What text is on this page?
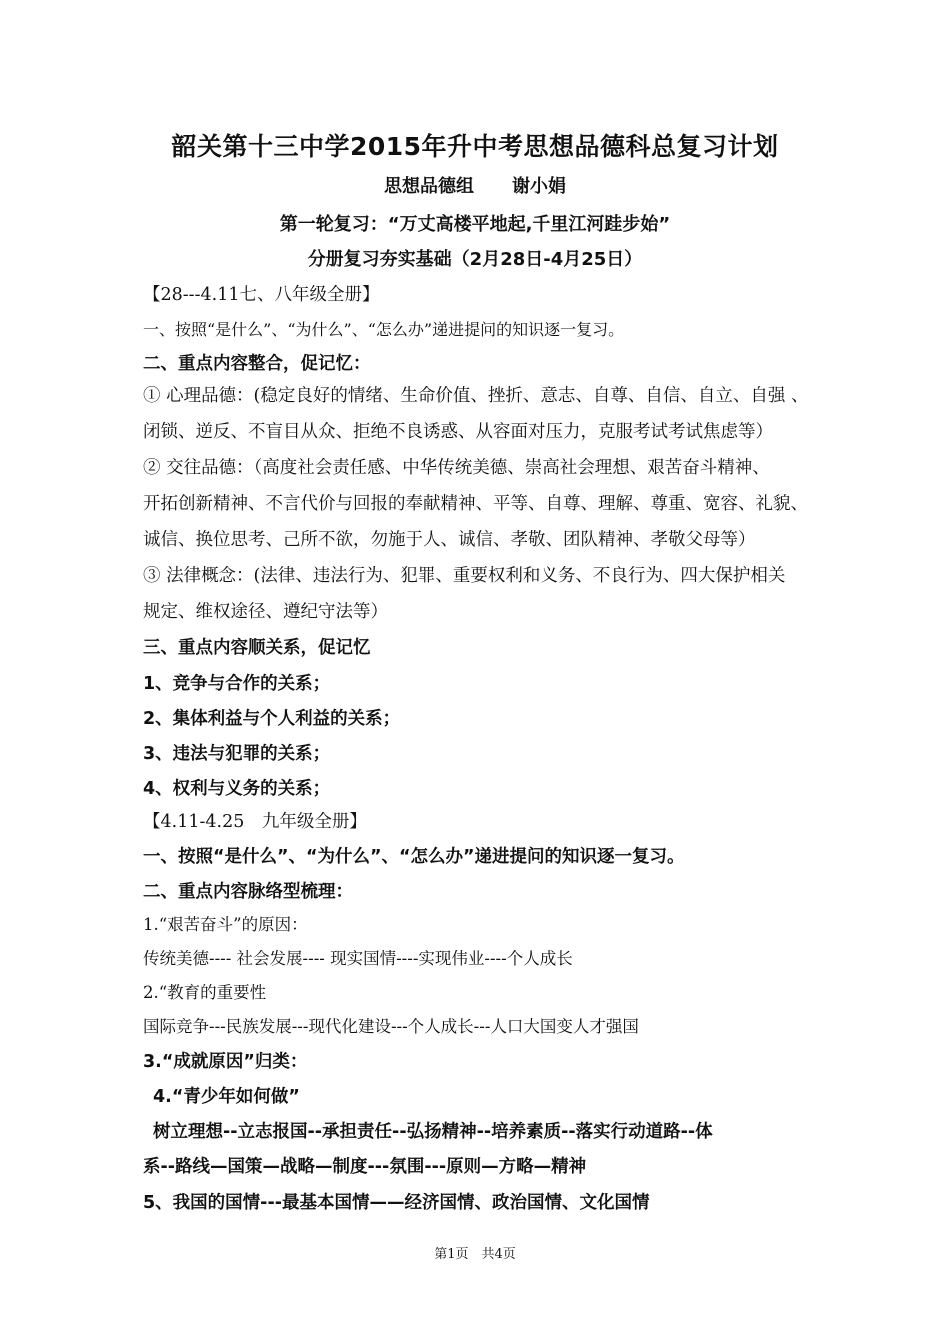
韶关第十三中学2015年升中考思想品德科总复习计划
思想品德组 谢小娟
第一轮复习：“万丈高楼平地起,千里江河跬步始”
分册复习夯实基础（2月28日-4月25日）
【28---4.11七、八年级全册】
一、按照“是什么”、“为什么”、“怎么办”递进提问的知识逐一复习。
二、重点内容整合，促记忆：
① 心理品德：(稳定良好的情绪、生命价值、挫折、意志、自尊、自信、自立、自强 、
闭锁、逆反、不盲目从众、拒绝不良诱惑、从容面对压力，克服考试考试焦虑等）
② 交往品德：（高度社会责任感、中华传统美德、崇高社会理想、艰苦奋斗精神、
开拓创新精神、不言代价与回报的奉献精神、平等、自尊、理解、尊重、宽容、礼貌、
诚信、换位思考、己所不欲，勿施于人、诚信、孝敬、团队精神、孝敬父母等）
③ 法律概念：(法律、违法行为、犯罪、重要权利和义务、不良行为、四大保护相关
规定、维权途径、遵纪守法等）
三、重点内容顺关系，促记忆
1、竞争与合作的关系；
2、集体利益与个人利益的关系；
3、违法与犯罪的关系；
4、权利与义务的关系；
【4.11-4.25　九年级全册】
一、按照“是什么”、“为什么”、“怎么办”递进提问的知识逐一复习。
二、重点内容脉络型梳理：
1.“艰苦奋斗”的原因：
传统美德---- 社会发展---- 现实国情----实现伟业----个人成长
2.“教育的重要性
国际竞争---民族发展---现代化建设---个人成长---人口大国变人才强国
3.“成就原因”归类：
4.“青少年如何做”
树立理想--立志报国--承担责任--弘扬精神--培养素质--落实行动道路--体
系--路线—国策—战略—制度---氛围---原则—方略—精神
5、我国的国情---最基本国情——经济国情、政治国情、文化国情
第1页　共4页
